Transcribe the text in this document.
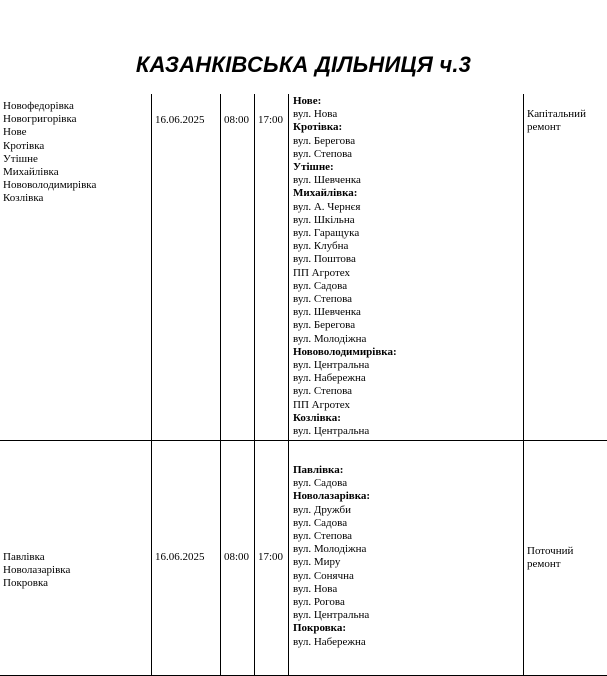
КАЗАНКІВСЬКА ДІЛЬНИЦЯ ч.3
Новофедорівка
Новогригорівка
Нове
Кротівка
Утішне
Михайлівка
Нововолодимирівка
Козлівка
16.06.2025 08:00 17:00
Нове:
вул. Нова
Кротівка:
вул. Берегова
вул. Степова
Утішне:
вул. Шевченка
Михайлівка:
вул. А. Чернєя
вул. Шкільна
вул. Гаращука
вул. Клубна
вул. Поштова
ПП Агротех
вул. Садова
вул. Степова
вул. Шевченка
вул. Берегова
вул. Молодіжна
Нововолодимирівка:
вул. Центральна
вул. Набережна
вул. Степова
ПП Агротех
Козлівка:
вул. Центральна
Капітальний
ремонт
Павлівка
Новолазарівка
Покровка
16.06.2025 08:00 17:00
Павлівка:
вул. Садова
Новолазарівка:
вул. Дружби
вул. Садова
вул. Степова
вул. Молодіжна
вул. Миру
вул. Сонячна
вул. Нова
вул. Рогова
вул. Центральна
Покровка:
вул. Набережна
Поточний
ремонт
